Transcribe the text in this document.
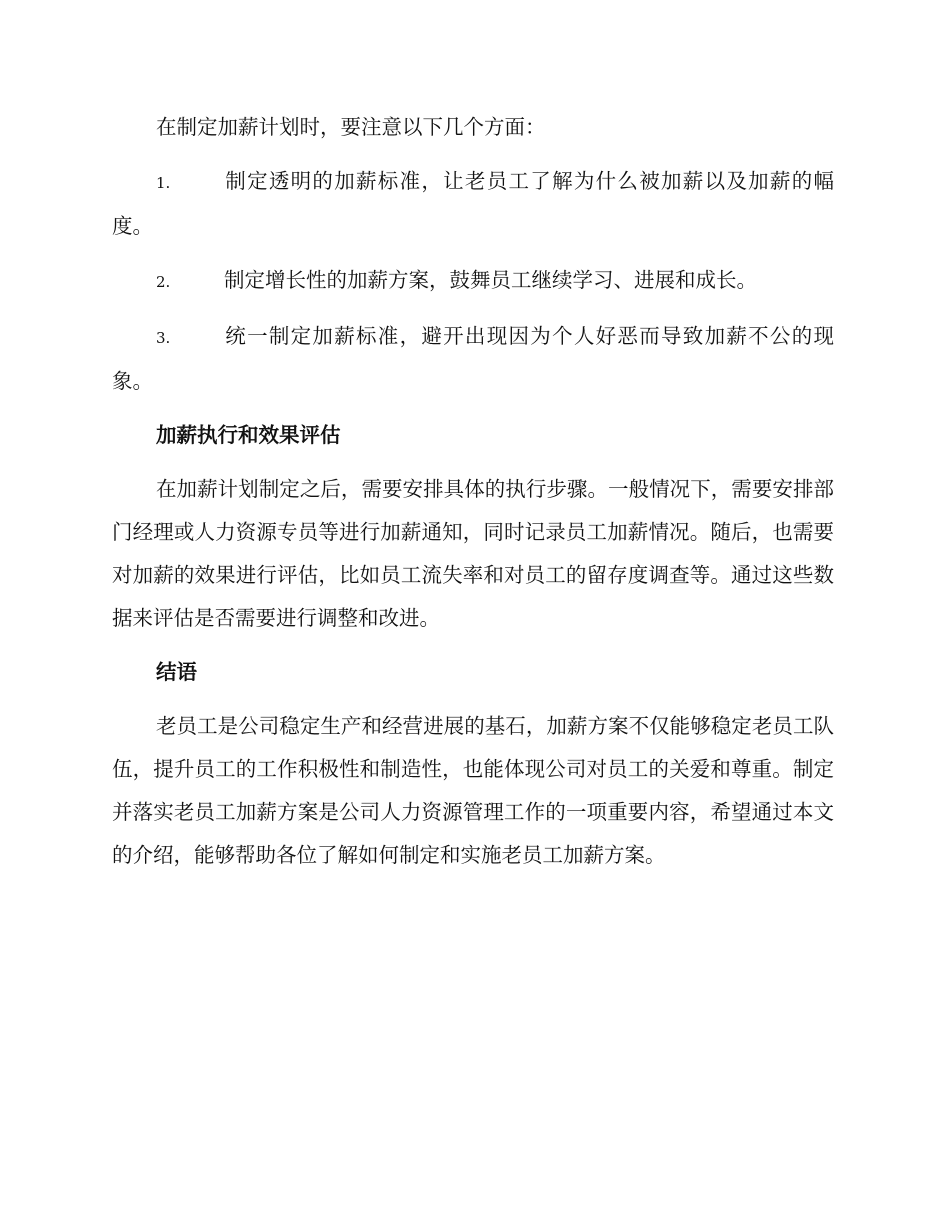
在制定加薪计划时，要注意以下几个方面：

1.	制定透明的加薪标准，让老员工了解为什么被加薪以及加薪的幅度。

2.	制定增长性的加薪方案，鼓舞员工继续学习、进展和成长。

3.	统一制定加薪标准，避开出现因为个人好恶而导致加薪不公的现象。

加薪执行和效果评估

在加薪计划制定之后，需要安排具体的执行步骤。一般情况下，需要安排部门经理或人力资源专员等进行加薪通知，同时记录员工加薪情况。随后，也需要对加薪的效果进行评估，比如员工流失率和对员工的留存度调查等。通过这些数据来评估是否需要进行调整和改进。

结语

老员工是公司稳定生产和经营进展的基石，加薪方案不仅能够稳定老员工队伍，提升员工的工作积极性和制造性，也能体现公司对员工的关爱和尊重。制定并落实老员工加薪方案是公司人力资源管理工作的一项重要内容，希望通过本文的介绍，能够帮助各位了解如何制定和实施老员工加薪方案。
